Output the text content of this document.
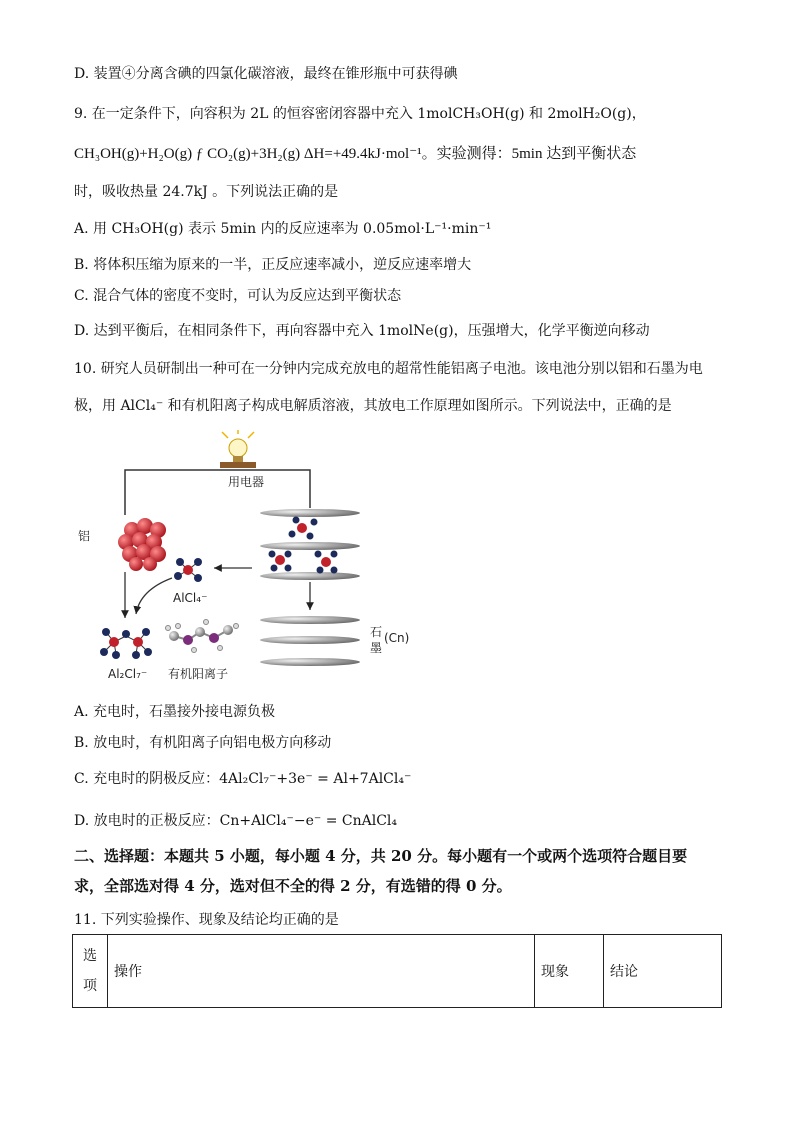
D. 装置④分离含碘的四氯化碳溶液，最终在锥形瓶中可获得碘
9. 在一定条件下，向容积为 2L 的恒容密闭容器中充入 1molCH₃OH(g) 和 2molH₂O(g)，
CH₃OH(g)+H₂O(g) ƒ CO₂(g)+3H₂(g) ΔH=+49.4kJ·mol⁻¹。实验测得：5min 达到平衡状态
时，吸收热量 24.7kJ 。下列说法正确的是
A. 用 CH₃OH(g) 表示 5min 内的反应速率为 0.05mol·L⁻¹·min⁻¹
B. 将体积压缩为原来的一半，正反应速率减小，逆反应速率增大
C. 混合气体的密度不变时，可认为反应达到平衡状态
D. 达到平衡后，在相同条件下，再向容器中充入 1molNe(g)，压强增大，化学平衡逆向移动
10. 研究人员研制出一种可在一分钟内完成充放电的超常性能铝离子电池。该电池分别以铝和石墨为电
极，用 AlCl₄⁻ 和有机阳离子构成电解质溶液，其放电工作原理如图所示。下列说法中，正确的是
用电器
铝
AlCl₄⁻
Al₂Cl₇⁻ 有机阳离子
石
墨
(Cn)
A. 充电时，石墨接外接电源负极
B. 放电时，有机阳离子向铝电极方向移动
C. 充电时的阴极反应：4Al₂Cl₇⁻+3e⁻ = Al+7AlCl₄⁻
D. 放电时的正极反应：Cn+AlCl₄⁻−e⁻ = CnAlCl₄
二、选择题：本题共 5 小题，每小题 4 分，共 20 分。每小题有一个或两个选项符合题目要
求，全部选对得 4 分，选对但不全的得 2 分，有选错的得 0 分。
11. 下列实验操作、现象及结论均正确的是
选
项	操作	现象	结论
